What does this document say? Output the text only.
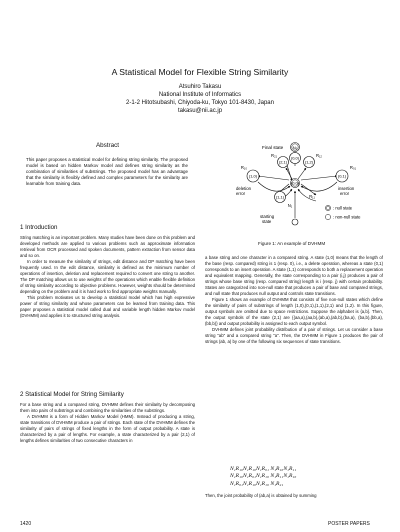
A Statistical Model for Flexible String Similarity
Atsuhiro Takasu
National Institute of Informatics
2-1-2 Hitotsubashi, Chiyoda-ku, Tokyo 101-8430, Japan
takasu@nii.ac.jp
Abstract
This paper proposes a statistical model for defining string similarity. The proposed model is based on hidden Markov model and defines string similarity as the combination of similarities of substrings. The proposed model has an advantage that the similarity is flexibly defined and complex parameters for the similarity are learnable from training data.
1 Introduction

String matching is an important problem. Many studies have been done on this problem and developed methods are applied to various problems such as approximate information retrieval from OCR processed and spoken documents, pattern extraction from sensor data and so on.

In order to measure the similarity of strings, edit distance and DP matching have been frequently used. In the edit distance, similarity is defined as the minimum number of operations of insertion, deletion and replacement required to convert one string to another. The DP matching allows us to use weights of the operations which enable flexible definition of string similarity according to objective problems. However, weights should be determined depending on the problem and it is hard work to find appropriate weights manually.

This problem motivates us to develop a statistical model which has high expressive power of string similarity and whose parameters can be learned from training data. This paper proposes a statistical model called dual and variable length hidden Markov model (DVHMM) and applies it to structured string analysis.

2 Statistical Model for String Similarity

For a base string and a compared string, DVHMM defines their similarity by decomposing them into pairs of substrings and combining the similarities of the substrings.

A DVHMM is a form of Hidden Markov Model (HMM). Instead of producing a string, state transitions of DVHMM produce a pair of strings. Each state of the DVHMM defines the similarity of pairs of strings of fixed lengths in the form of output probability. A state is characterized by a pair of lengths. For example, a state characterized by a pair (2,1) of lengths defines similarities of two consecutive characters in

N₀
(0,0)
(0,0)
N₁
(1,0)
R₁₀
(0,1)
R₀₁
(2,1)
R₂₁
(1,2)
R₁₂
(1,1)	R₁₁
Final state
deletion
error
insertion
error
starting
state
: null state
: non-null state
Figure 1: An example of DVHMM

a base string and one character in a compared string. A state (1,0) means that the length of the base (resp. compared) string is 1 (resp. 0), i.e., a delete operation, whereas a state (0,1) corresponds to an insert operation. A state (1,1) corresponds to both a replacement operation and equivalent mapping. Generally, the state corresponding to a pair (i,j) produces a pair of strings whose base string (resp. compared string) length is i (resp. j) with certain probability. States are categorized into non-null state that produces a pair of base and compared strings, and null state that produces null output and controls state transitions.

Figure 1 shows an example of DVHMM that consists of five non-null states which define the similarity of pairs of substrings of length (1,0),(0,1),(1,1),(2,1) and (1,2). In this figure, output symbols are omitted due to space restrictions. Suppose the alphabet is {a,b}. Then, the output symbols of the state (2,1) are {(aa,a),(aa,b),(ab,a),(ab,b),(ba,a), (ba,b),(bb,a),(bb,b)} and output probability is assigned to each output symbol.

DVHMM defines joint probability distribution of a pair of strings. Let us consider a base string "ab" and a compared string "a". Then, the DVHMM in Figure 1 produces the pair of strings (ab, a) by one of the following six sequences of state transitions.

N₁R₁₀N₁R₁₀N₁R₀₁ N₁R₁₀N₁R₁₁
N₁R₁₀N₁R₀₁N₁R₁₀ N₁R₁₁N₁R₁₀
N₁R₀₁N₁R₁₀N₁R₁₀ N₁R₂₁
Then, the joint probability of (ab,a) is obtained by summing
1420	POSTER PAPERS
